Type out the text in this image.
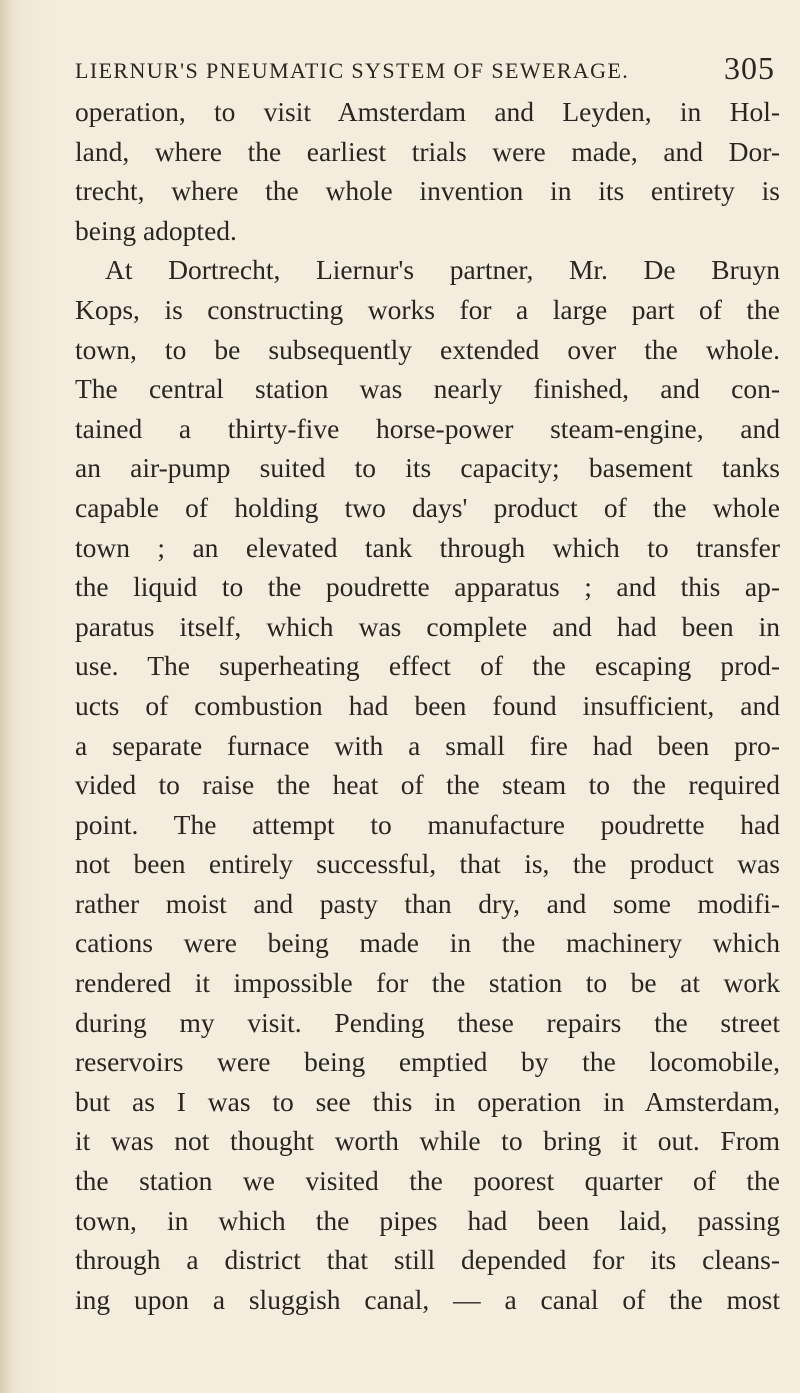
LIERNUR'S PNEUMATIC SYSTEM OF SEWERAGE.	305
operation, to visit Amsterdam and Leyden, in Hol-
land, where the earliest trials were made, and Dor-
trecht, where the whole invention in its entirety is
being adopted.
At Dortrecht, Liernur's partner, Mr. De Bruyn
Kops, is constructing works for a large part of the
town, to be subsequently extended over the whole.
The central station was nearly finished, and con-
tained a thirty-five horse-power steam-engine, and
an air-pump suited to its capacity; basement tanks
capable of holding two days' product of the whole
town ; an elevated tank through which to transfer
the liquid to the poudrette apparatus ; and this ap-
paratus itself, which was complete and had been in
use. The superheating effect of the escaping prod-
ucts of combustion had been found insufficient, and
a separate furnace with a small fire had been pro-
vided to raise the heat of the steam to the required
point. The attempt to manufacture poudrette had
not been entirely successful, that is, the product was
rather moist and pasty than dry, and some modifi-
cations were being made in the machinery which
rendered it impossible for the station to be at work
during my visit. Pending these repairs the street
reservoirs were being emptied by the locomobile,
but as I was to see this in operation in Amsterdam,
it was not thought worth while to bring it out. From
the station we visited the poorest quarter of the
town, in which the pipes had been laid, passing
through a district that still depended for its cleans-
ing upon a sluggish canal, — a canal of the most
